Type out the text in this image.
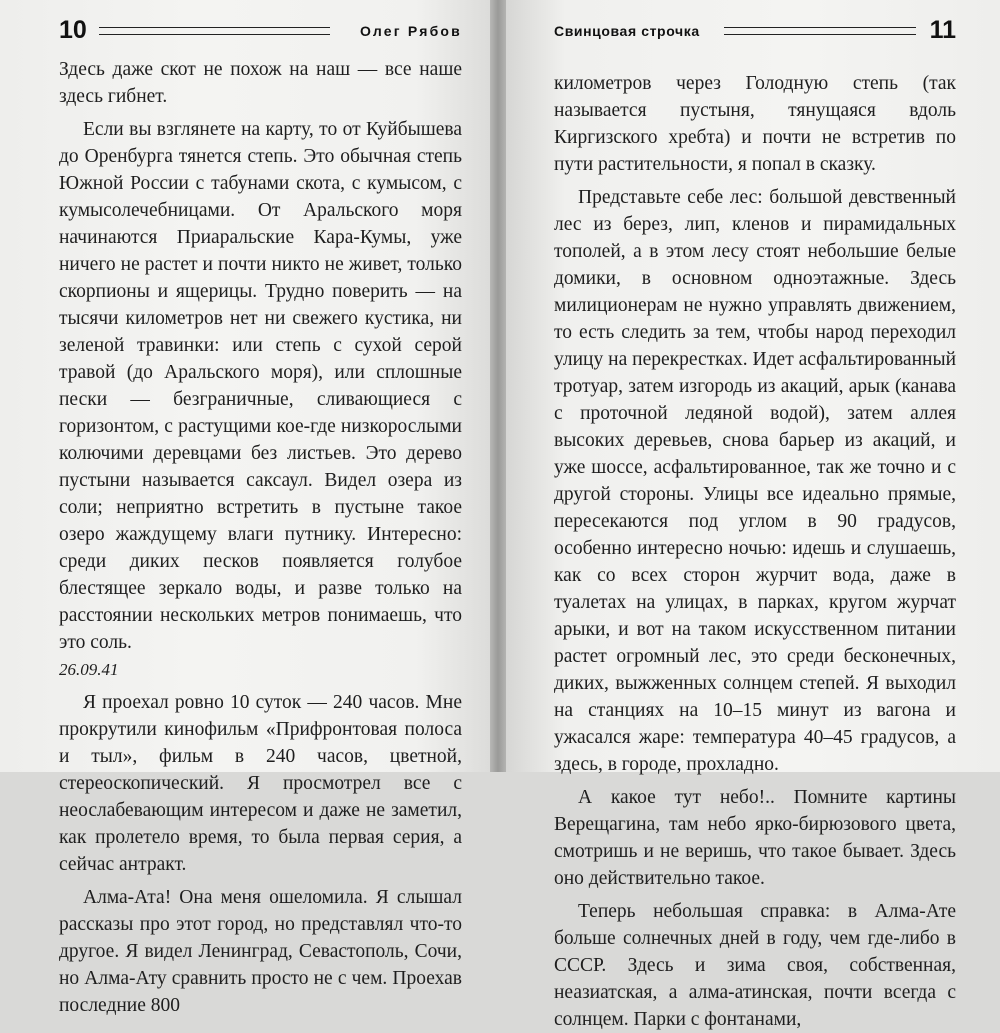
10	Олег Рябов

Здесь даже скот не похож на наш — все наше здесь гибнет.

Если вы взглянете на карту, то от Куйбышева до Оренбурга тянется степь. Это обычная степь Южной России с табунами скота, с кумысом, с кумысолечебницами. От Аральского моря начинаются Приаральские Кара-Кумы, уже ничего не растет и почти никто не живет, только скорпионы и ящерицы. Трудно поверить — на тысячи километров нет ни свежего кустика, ни зеленой травинки: или степь с сухой серой травой (до Аральского моря), или сплошные пески — безграничные, сливающиеся с горизонтом, с растущими кое-где низкорослыми колючими деревцами без листьев. Это дерево пустыни называется саксаул. Видел озера из соли; неприятно встретить в пустыне такое озеро жаждущему влаги путнику. Интересно: среди диких песков появляется голубое блестящее зеркало воды, и разве только на расстоянии нескольких метров понимаешь, что это соль.

26.09.41

Я проехал ровно 10 суток — 240 часов. Мне прокрутили кинофильм «Прифронтовая полоса и тыл», фильм в 240 часов, цветной, стереоскопический. Я просмотрел все с неослабевающим интересом и даже не заметил, как пролетело время, то была первая серия, а сейчас антракт.

Алма-Ата! Она меня ошеломила. Я слышал рассказы про этот город, но представлял что-то другое. Я видел Ленинград, Севастополь, Сочи, но Алма-Ату сравнить просто не с чем. Проехав последние 800

Свинцовая строчка	11

километров через Голодную степь (так называется пустыня, тянущаяся вдоль Киргизского хребта) и почти не встретив по пути растительности, я попал в сказку.

Представьте себе лес: большой девственный лес из берез, лип, кленов и пирамидальных тополей, а в этом лесу стоят небольшие белые домики, в основном одноэтажные. Здесь милиционерам не нужно управлять движением, то есть следить за тем, чтобы народ переходил улицу на перекрестках. Идет асфальтированный тротуар, затем изгородь из акаций, арык (канава с проточной ледяной водой), затем аллея высоких деревьев, снова барьер из акаций, и уже шоссе, асфальтированное, так же точно и с другой стороны. Улицы все идеально прямые, пересекаются под углом в 90 градусов, особенно интересно ночью: идешь и слушаешь, как со всех сторон журчит вода, даже в туалетах на улицах, в парках, кругом журчат арыки, и вот на таком искусственном питании растет огромный лес, это среди бесконечных, диких, выжженных солнцем степей. Я выходил на станциях на 10–15 минут из вагона и ужасался жаре: температура 40–45 градусов, а здесь, в городе, прохладно.

А какое тут небо!.. Помните картины Верещагина, там небо ярко-бирюзового цвета, смотришь и не веришь, что такое бывает. Здесь оно действительно такое.

Теперь небольшая справка: в Алма-Ате больше солнечных дней в году, чем где-либо в СССР. Здесь и зима своя, собственная, неазиатская, а алма-атинская, почти всегда с солнцем. Парки с фонтанами,
